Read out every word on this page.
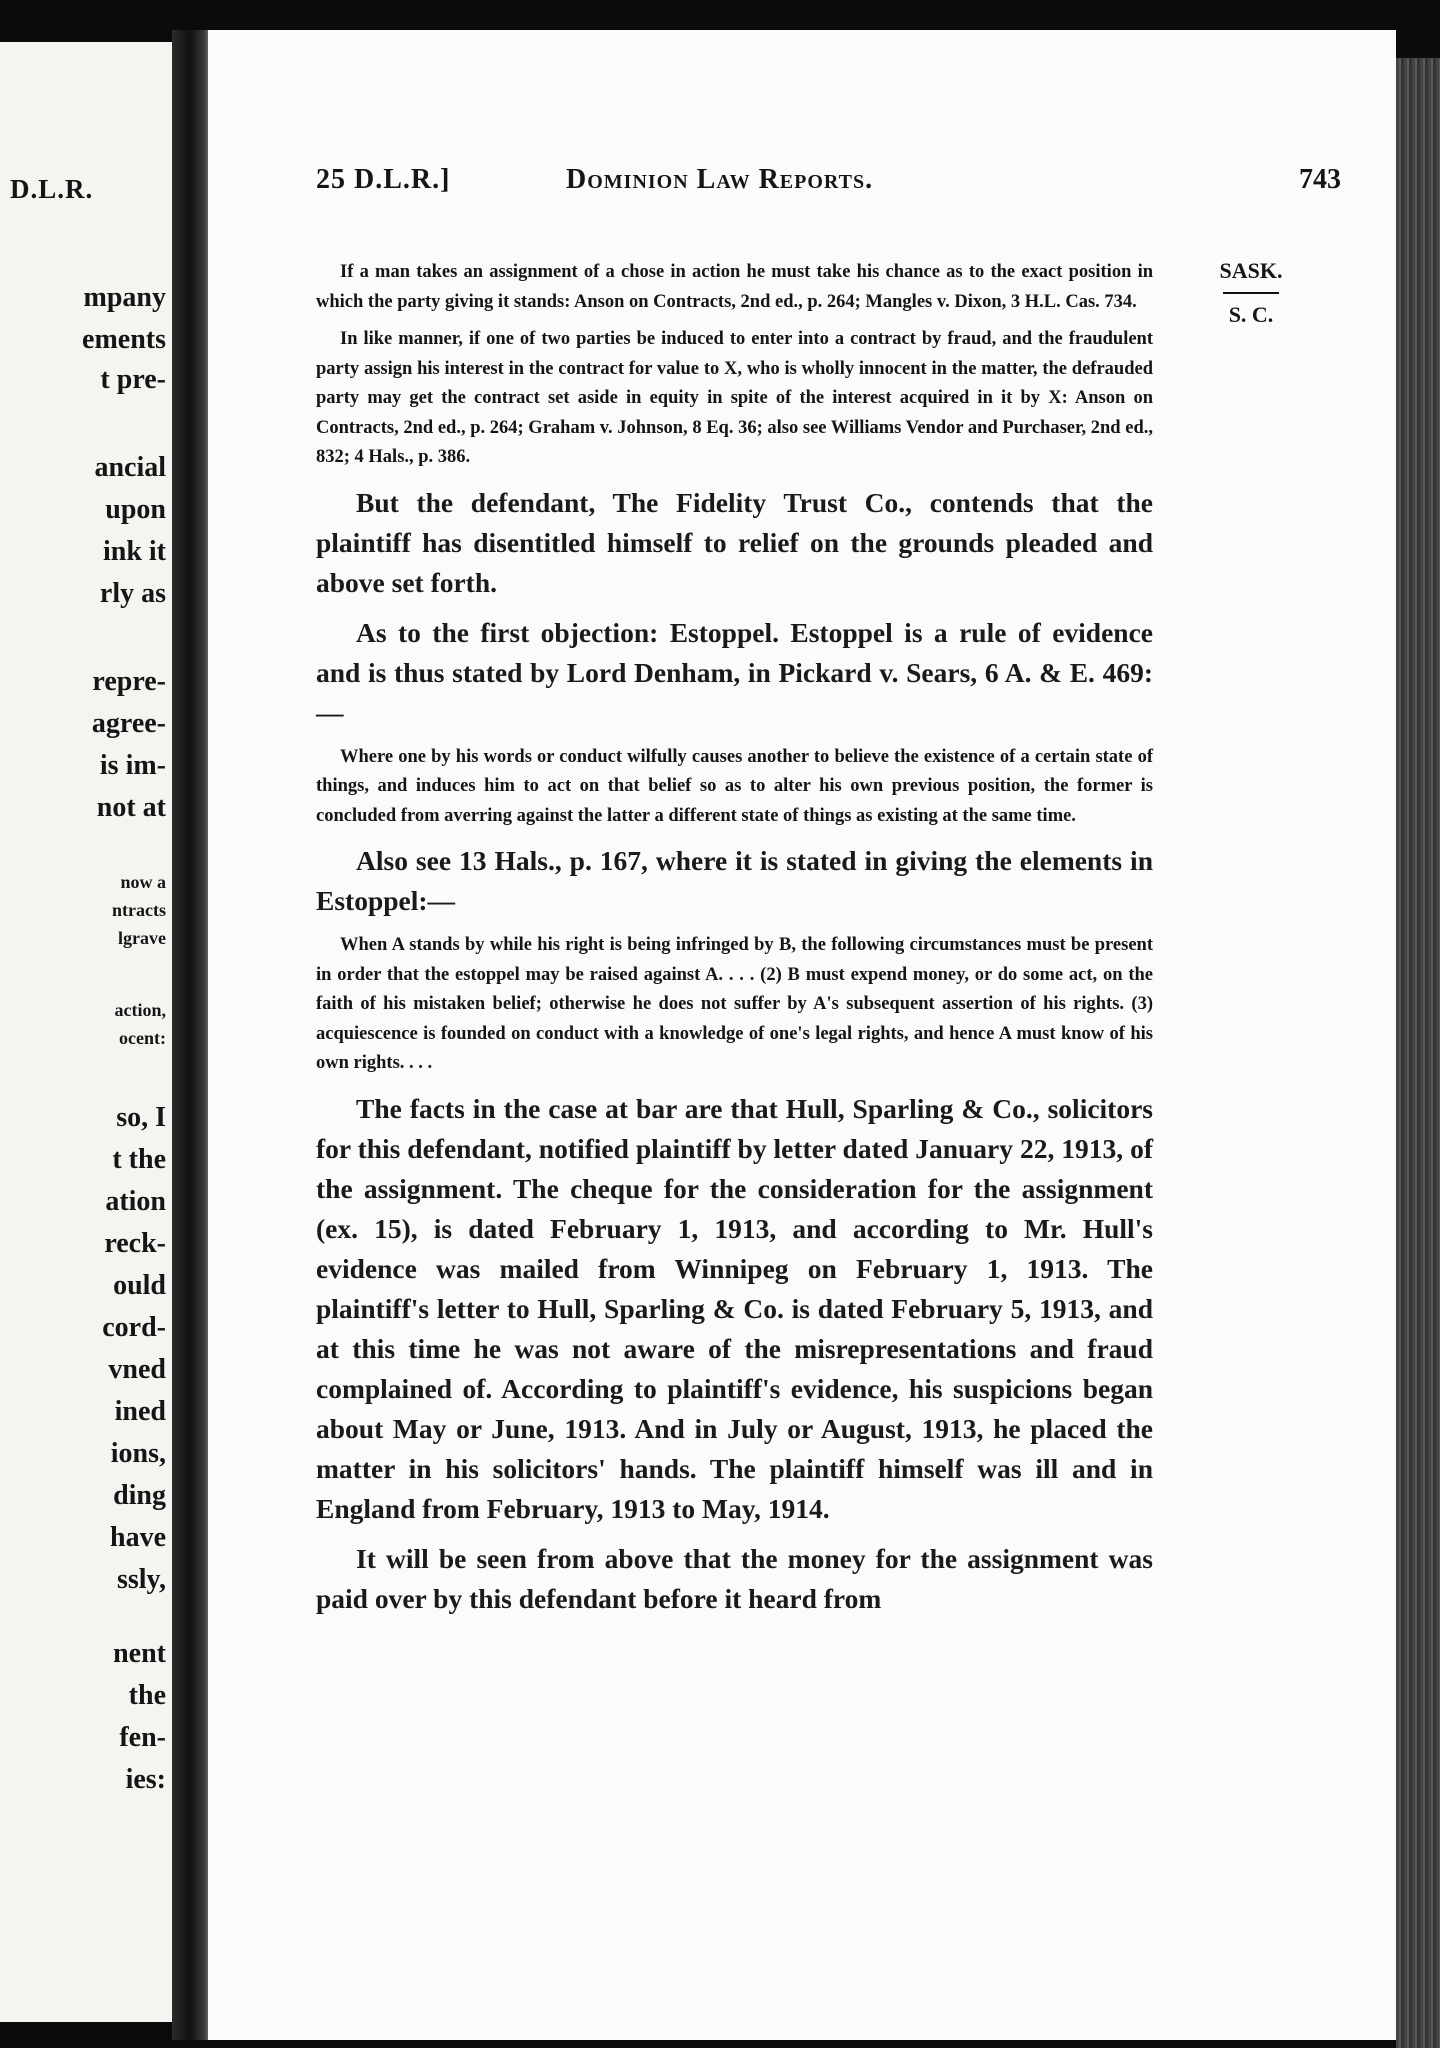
D.L.R.
mpany
ements
t pre-
ancial
upon
ink it
rly as
repre-
agree-
is im-
not at
now a
ntracts
lgrave
action,
ocent:
so, I
t the
ation
reck-
ould
cord-
vned
ined
ions,
ding
have
ssly,
nent
the
fen-
ies:
25 D.L.R.]	Dominion Law Reports.	743
SASK.
S. C.

If a man takes an assignment of a chose in action he must take his chance as to the exact position in which the party giving it stands: Anson on Contracts, 2nd ed., p. 264; Mangles v. Dixon, 3 H.L. Cas. 734.

In like manner, if one of two parties be induced to enter into a contract by fraud, and the fraudulent party assign his interest in the contract for value to X, who is wholly innocent in the matter, the defrauded party may get the contract set aside in equity in spite of the interest acquired in it by X: Anson on Contracts, 2nd ed., p. 264; Graham v. Johnson, 8 Eq. 36; also see Williams Vendor and Purchaser, 2nd ed., 832; 4 Hals., p. 386.

But the defendant, The Fidelity Trust Co., contends that the plaintiff has disentitled himself to relief on the grounds pleaded and above set forth.

As to the first objection: Estoppel. Estoppel is a rule of evidence and is thus stated by Lord Denham, in Pickard v. Sears, 6 A. & E. 469:—

Where one by his words or conduct wilfully causes another to believe the existence of a certain state of things, and induces him to act on that belief so as to alter his own previous position, the former is concluded from averring against the latter a different state of things as existing at the same time.

Also see 13 Hals., p. 167, where it is stated in giving the elements in Estoppel:—

When A stands by while his right is being infringed by B, the following circumstances must be present in order that the estoppel may be raised against A. . . . (2) B must expend money, or do some act, on the faith of his mistaken belief; otherwise he does not suffer by A's subsequent assertion of his rights. (3) acquiescence is founded on conduct with a knowledge of one's legal rights, and hence A must know of his own rights. . . .

The facts in the case at bar are that Hull, Sparling & Co., solicitors for this defendant, notified plaintiff by letter dated January 22, 1913, of the assignment. The cheque for the consideration for the assignment (ex. 15), is dated February 1, 1913, and according to Mr. Hull's evidence was mailed from Winnipeg on February 1, 1913. The plaintiff's letter to Hull, Sparling & Co. is dated February 5, 1913, and at this time he was not aware of the misrepresentations and fraud complained of. According to plaintiff's evidence, his suspicions began about May or June, 1913. And in July or August, 1913, he placed the matter in his solicitors' hands. The plaintiff himself was ill and in England from February, 1913 to May, 1914.

It will be seen from above that the money for the assignment was paid over by this defendant before it heard from
